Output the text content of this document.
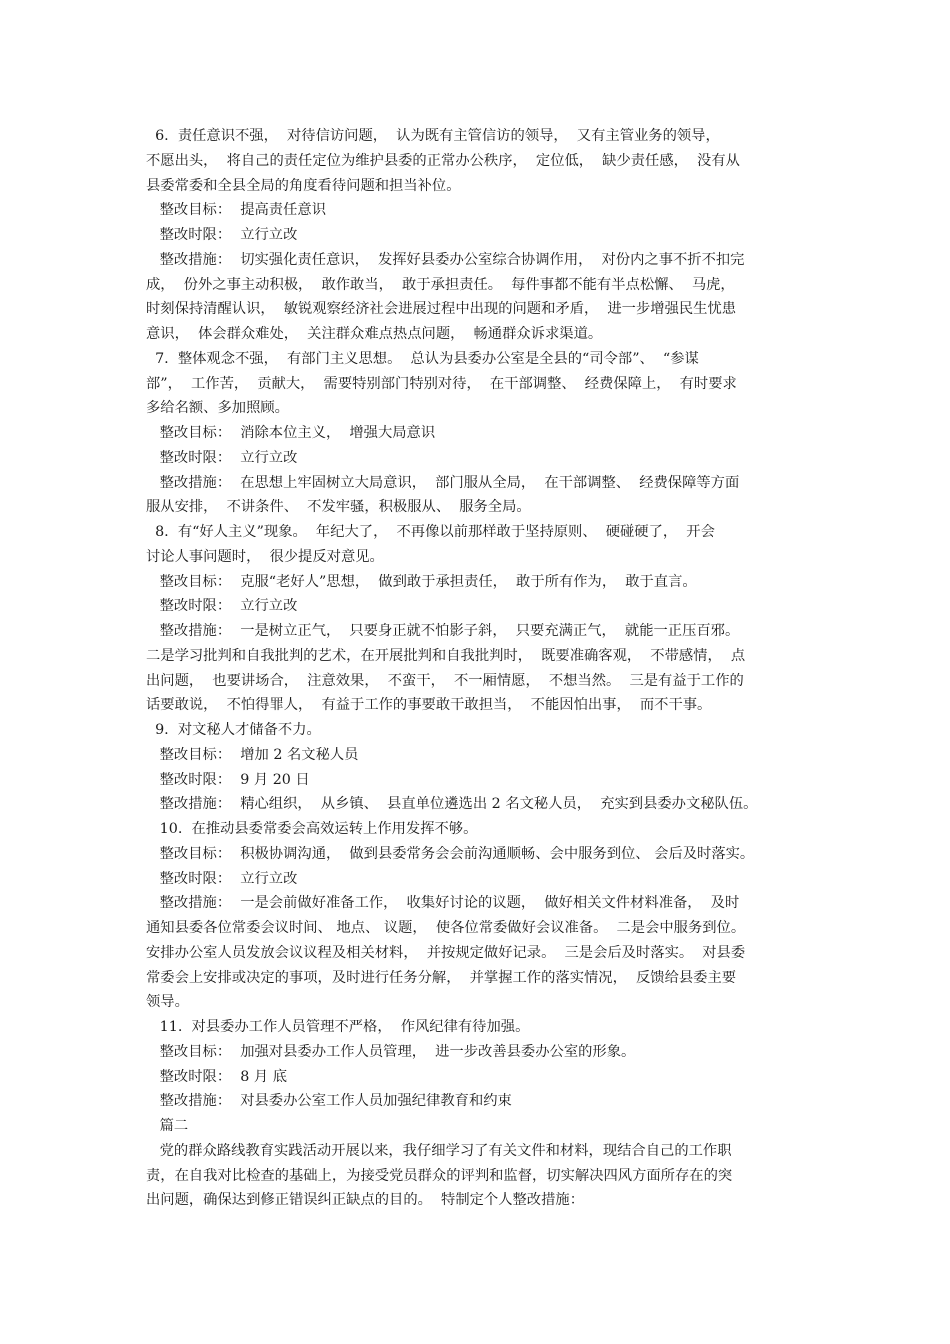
6.  责任意识不强，  对待信访问题，  认为既有主管信访的领导，  又有主管业务的领导，
不愿出头，  将自己的责任定位为维护县委的正常办公秩序，  定位低，  缺少责任感，  没有从
县委常委和全县全局的角度看待问题和担当补位。
整改目标：  提高责任意识
整改时限：  立行立改
整改措施：  切实强化责任意识，  发挥好县委办公室综合协调作用，  对份内之事不折不扣完
成，  份外之事主动积极，  敢作敢当，  敢于承担责任。  每件事都不能有半点松懈、  马虎，
时刻保持清醒认识，  敏锐观察经济社会进展过程中出现的问题和矛盾，  进一步增强民生忧患
意识，  体会群众难处，  关注群众难点热点问题，  畅通群众诉求渠道。
7.  整体观念不强，  有部门主义思想。  总认为县委办公室是全县的“司令部”、  “参谋
部”，  工作苦，  贡献大，  需要特别部门特别对待，  在干部调整、  经费保障上，  有时要求
多给名额、多加照顾。
整改目标：  消除本位主义，  增强大局意识
整改时限：  立行立改
整改措施：  在思想上牢固树立大局意识，  部门服从全局，  在干部调整、  经费保障等方面
服从安排，  不讲条件、  不发牢骚，积极服从、  服务全局。
8.  有“好人主义”现象。  年纪大了，  不再像以前那样敢于坚持原则、  硬碰硬了，  开会
讨论人事问题时，  很少提反对意见。
整改目标：  克服“老好人”思想，  做到敢于承担责任，  敢于所有作为，  敢于直言。
整改时限：  立行立改
整改措施：  一是树立正气，  只要身正就不怕影子斜，  只要充满正气，  就能一正压百邪。
二是学习批判和自我批判的艺术，在开展批判和自我批判时，  既要准确客观，  不带感情，  点
出问题，  也要讲场合，  注意效果，  不蛮干，  不一厢情愿，  不想当然。  三是有益于工作的
话要敢说，  不怕得罪人，  有益于工作的事要敢干敢担当，  不能因怕出事，  而不干事。
9.  对文秘人才储备不力。
整改目标：  增加 2 名文秘人员
整改时限：  9 月 20 日
整改措施：  精心组织，  从乡镇、  县直单位遴选出 2 名文秘人员，  充实到县委办文秘队伍。
10.  在推动县委常委会高效运转上作用发挥不够。
整改目标：  积极协调沟通，  做到县委常务会会前沟通顺畅、会中服务到位、 会后及时落实。
整改时限：  立行立改
整改措施：  一是会前做好准备工作，  收集好讨论的议题，  做好相关文件材料准备，  及时
通知县委各位常委会议时间、 地点、 议题，  使各位常委做好会议准备。  二是会中服务到位。
安排办公室人员发放会议议程及相关材料，  并按规定做好记录。  三是会后及时落实。  对县委
常委会上安排或决定的事项，及时进行任务分解，  并掌握工作的落实情况，  反馈给县委主要
领导。
11.  对县委办工作人员管理不严格，  作风纪律有待加强。
整改目标：  加强对县委办工作人员管理，  进一步改善县委办公室的形象。
整改时限：  8 月 底
整改措施：  对县委办公室工作人员加强纪律教育和约束
篇二
党的群众路线教育实践活动开展以来，我仔细学习了有关文件和材料，现结合自己的工作职
责，在自我对比检查的基础上，为接受党员群众的评判和监督，切实解决四风方面所存在的突
出问题，确保达到修正错误纠正缺点的目的。  特制定个人整改措施：
